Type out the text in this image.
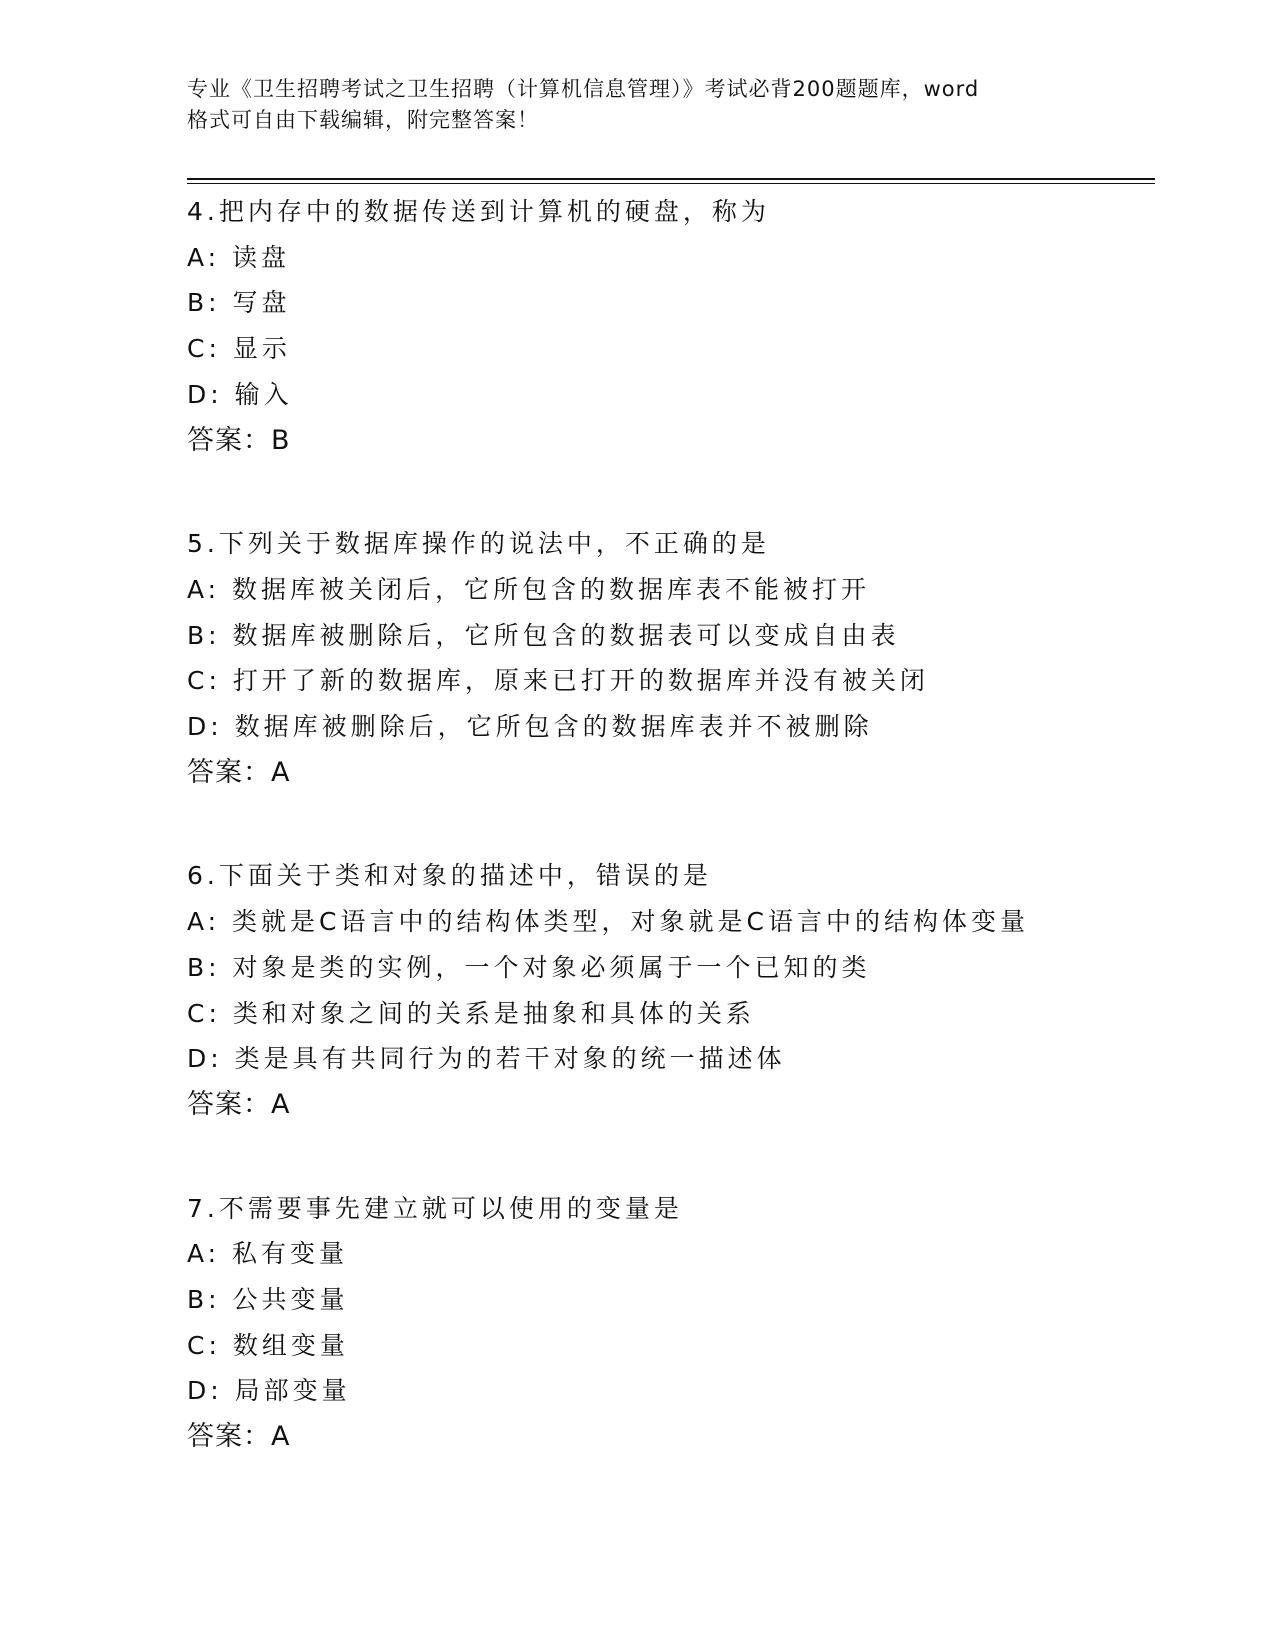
专业《卫生招聘考试之卫生招聘（计算机信息管理）》考试必背200题题库，word
格式可自由下载编辑，附完整答案！
4.把内存中的数据传送到计算机的硬盘，称为
A: 读盘
B: 写盘
C: 显示
D: 输入
答案：B
5.下列关于数据库操作的说法中，不正确的是
A: 数据库被关闭后，它所包含的数据库表不能被打开
B: 数据库被删除后，它所包含的数据表可以变成自由表
C: 打开了新的数据库，原来已打开的数据库并没有被关闭
D: 数据库被删除后，它所包含的数据库表并不被删除
答案：A
6.下面关于类和对象的描述中，错误的是
A: 类就是C语言中的结构体类型，对象就是C语言中的结构体变量
B: 对象是类的实例，一个对象必须属于一个已知的类
C: 类和对象之间的关系是抽象和具体的关系
D: 类是具有共同行为的若干对象的统一描述体
答案：A
7.不需要事先建立就可以使用的变量是
A: 私有变量
B: 公共变量
C: 数组变量
D: 局部变量
答案：A
